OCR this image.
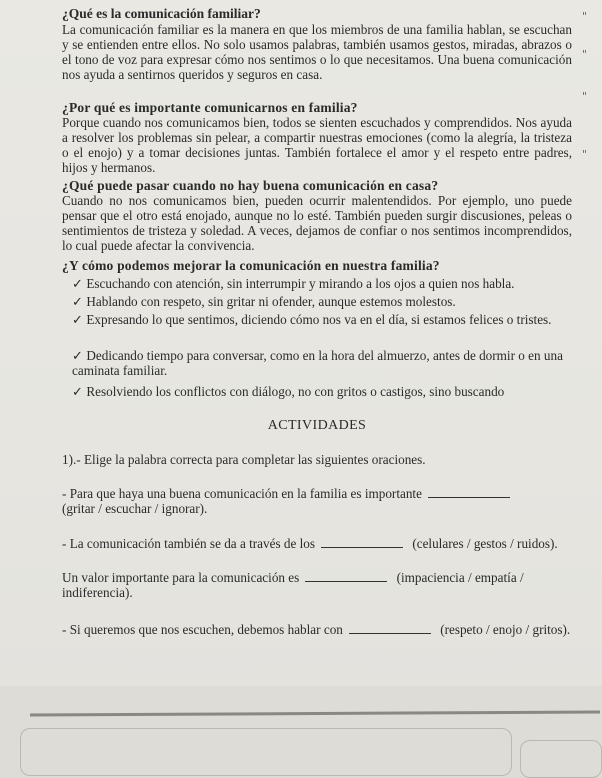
¿Qué es la comunicación familiar?
La comunicación familiar es la manera en que los miembros de una familia hablan, se escuchan y se entienden entre ellos. No solo usamos palabras, también usamos gestos, miradas, abrazos o el tono de voz para expresar cómo nos sentimos o lo que necesitamos. Una buena comunicación nos ayuda a sentirnos queridos y seguros en casa.
¿Por qué es importante comunicarnos en familia?
Porque cuando nos comunicamos bien, todos se sienten escuchados y comprendidos. Nos ayuda a resolver los problemas sin pelear, a compartir nuestras emociones (como la alegría, la tristeza o el enojo) y a tomar decisiones juntas. También fortalece el amor y el respeto entre padres, hijos y hermanos.
¿Qué puede pasar cuando no hay buena comunicación en casa?
Cuando no nos comunicamos bien, pueden ocurrir malentendidos. Por ejemplo, uno puede pensar que el otro está enojado, aunque no lo esté. También pueden surgir discusiones, peleas o sentimientos de tristeza y soledad. A veces, dejamos de confiar o nos sentimos incomprendidos, lo cual puede afectar la convivencia.
¿Y cómo podemos mejorar la comunicación en nuestra familia?
✓ Escuchando con atención, sin interrumpir y mirando a los ojos a quien nos habla.
✓ Hablando con respeto, sin gritar ni ofender, aunque estemos molestos.
✓ Expresando lo que sentimos, diciendo cómo nos va en el día, si estamos felices o tristes.
✓ Dedicando tiempo para conversar, como en la hora del almuerzo, antes de dormir o en una caminata familiar.
✓ Resolviendo los conflictos con diálogo, no con gritos o castigos, sino buscando
ACTIVIDADES
1).- Elige la palabra correcta para completar las siguientes oraciones.
- Para que haya una buena comunicación en la familia es importante
(gritar / escuchar / ignorar).
- La comunicación también se da a través de los	(celulares / gestos / ruidos).
Un valor importante para la comunicación es	(impaciencia / empatía / indiferencia).
- Si queremos que nos escuchen, debemos hablar con	(respeto / enojo / gritos).
"
"
"
"
